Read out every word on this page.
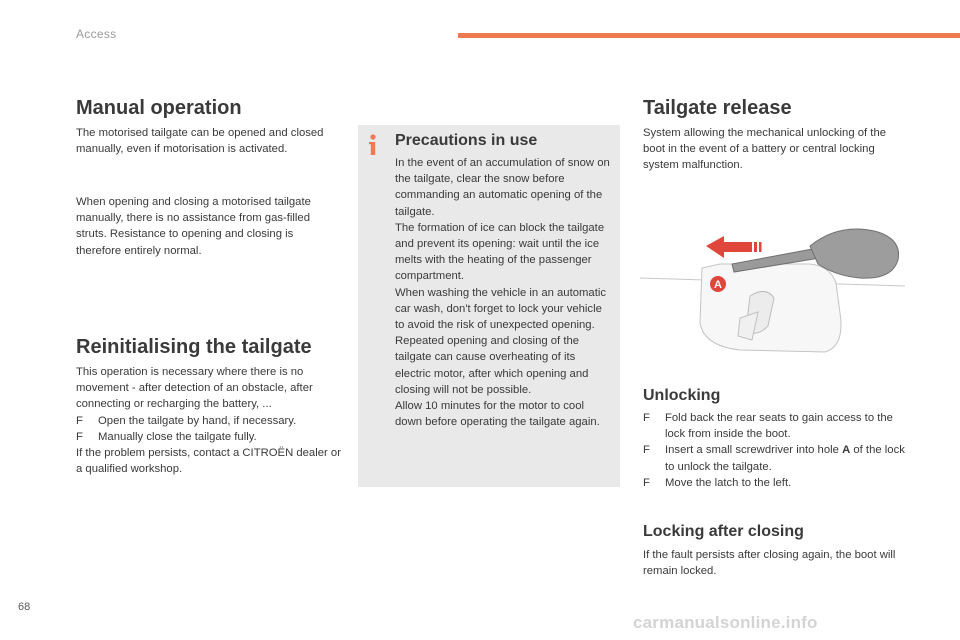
Access
Manual operation

The motorised tailgate can be opened and closed manually, even if motorisation is activated.

When opening and closing a motorised tailgate manually, there is no assistance from gas-filled struts. Resistance to opening and closing is therefore entirely normal.

Reinitialising the tailgate

This operation is necessary where there is no movement - after detection of an obstacle, after connecting or recharging the battery, ...

F Open the tailgate by hand, if necessary.

F Manually close the tailgate fully.

If the problem persists, contact a CITROËN dealer or a qualified workshop.

Precautions in use

In the event of an accumulation of snow on the tailgate, clear the snow before commanding an automatic opening of the tailgate.

The formation of ice can block the tailgate and prevent its opening: wait until the ice melts with the heating of the passenger compartment.

When washing the vehicle in an automatic car wash, don't forget to lock your vehicle to avoid the risk of unexpected opening.

Repeated opening and closing of the tailgate can cause overheating of its electric motor, after which opening and closing will not be possible.

Allow 10 minutes for the motor to cool down before operating the tailgate again.

Tailgate release

System allowing the mechanical unlocking of the boot in the event of a battery or central locking system malfunction.

A
Unlocking
F Fold back the rear seats to gain access to the lock from inside the boot.
F Insert a small screwdriver into hole A of the lock to unlock the tailgate.
F Move the latch to the left.
Locking after closing

If the fault persists after closing again, the boot will remain locked.

68
carmanualsonline.info
